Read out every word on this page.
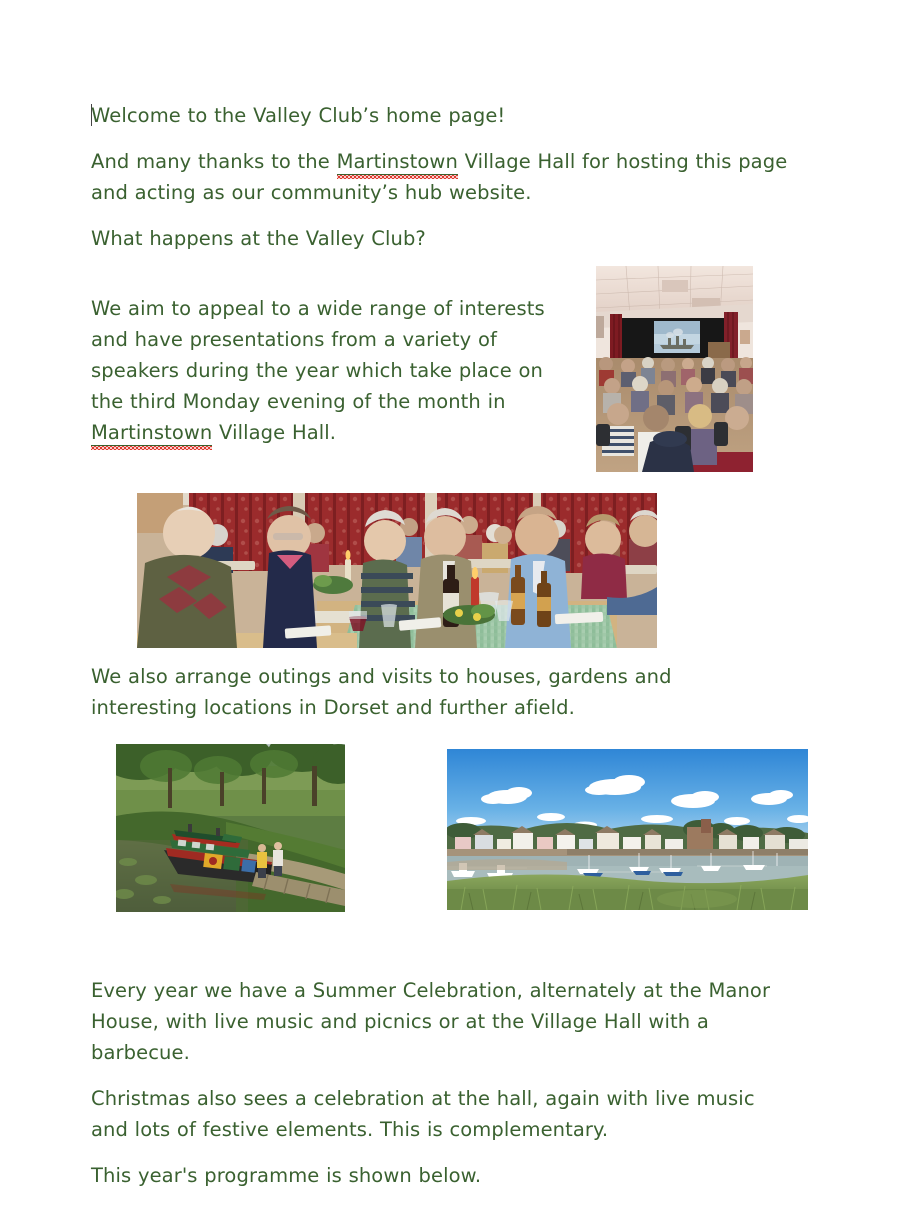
Welcome to the Valley Club’s home page!

And many thanks to the Martinstown Village Hall for hosting this page and acting as our community’s hub website.

What happens at the Valley Club?

We aim to appeal to a wide range of interests and have presentations from a variety of speakers during the year which take place on the third Monday evening of the month in Martinstown Village Hall.

We also arrange outings and visits to houses, gardens and interesting locations in Dorset and further afield.

Every year we have a Summer Celebration, alternately at the Manor House, with live music and picnics or at the Village Hall with a barbecue.

Christmas also sees a celebration at the hall, again with live music and lots of festive elements. This is complementary.

This year's programme is shown below.
